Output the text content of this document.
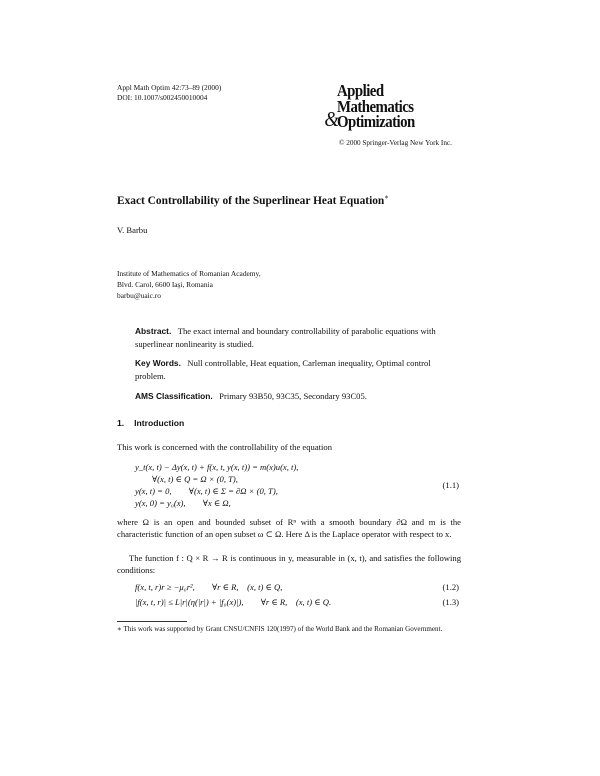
Appl Math Optim 42:73–89 (2000)
DOI: 10.1007/s002450010004	Applied
Mathematics
&
Optimization
© 2000 Springer-Verlag New York Inc.
Exact Controllability of the Superlinear Heat Equation∗
V. Barbu
Institute of Mathematics of Romanian Academy,
Blvd. Carol, 6600 Iaşi, Romania
barbu@uaic.ro

Abstract. The exact internal and boundary controllability of parabolic equations with superlinear nonlinearity is studied.

Key Words. Null controllable, Heat equation, Carleman inequality, Optimal control problem.

AMS Classification. Primary 93B50, 93C35, Secondary 93C05.

1. Introduction
This work is concerned with the controllability of the equation
y_t(x, t) − Δy(x, t) + f(x, t, y(x, t)) = m(x)u(x, t),
∀(x, t) ∈ Q = Ω × (0, T),
y(x, t) = 0,        ∀(x, t) ∈ Σ = ∂Ω × (0, T),
y(x, 0) = y₀(x),        ∀x ∈ Ω,
(1.1)
where Ω is an open and bounded subset of Rⁿ with a smooth boundary ∂Ω and m is the characteristic function of an open subset ω ⊂ Ω. Here Δ is the Laplace operator with respect to x.
The function f : Q × R → R is continuous in y, measurable in (x, t), and satisfies the following conditions:
f(x, t, r)r ≥ −μ₀r²,        ∀r ∈ R,    (x, t) ∈ Q,	(1.2)
|f(x, t, r)| ≤ L|r|(η(|r|) + |f₀(x)|),        ∀r ∈ R,    (x, t) ∈ Q.	(1.3)
∗ This work was supported by Grant CNSU/CNFIS 120(1997) of the World Bank and the Romanian Government.
